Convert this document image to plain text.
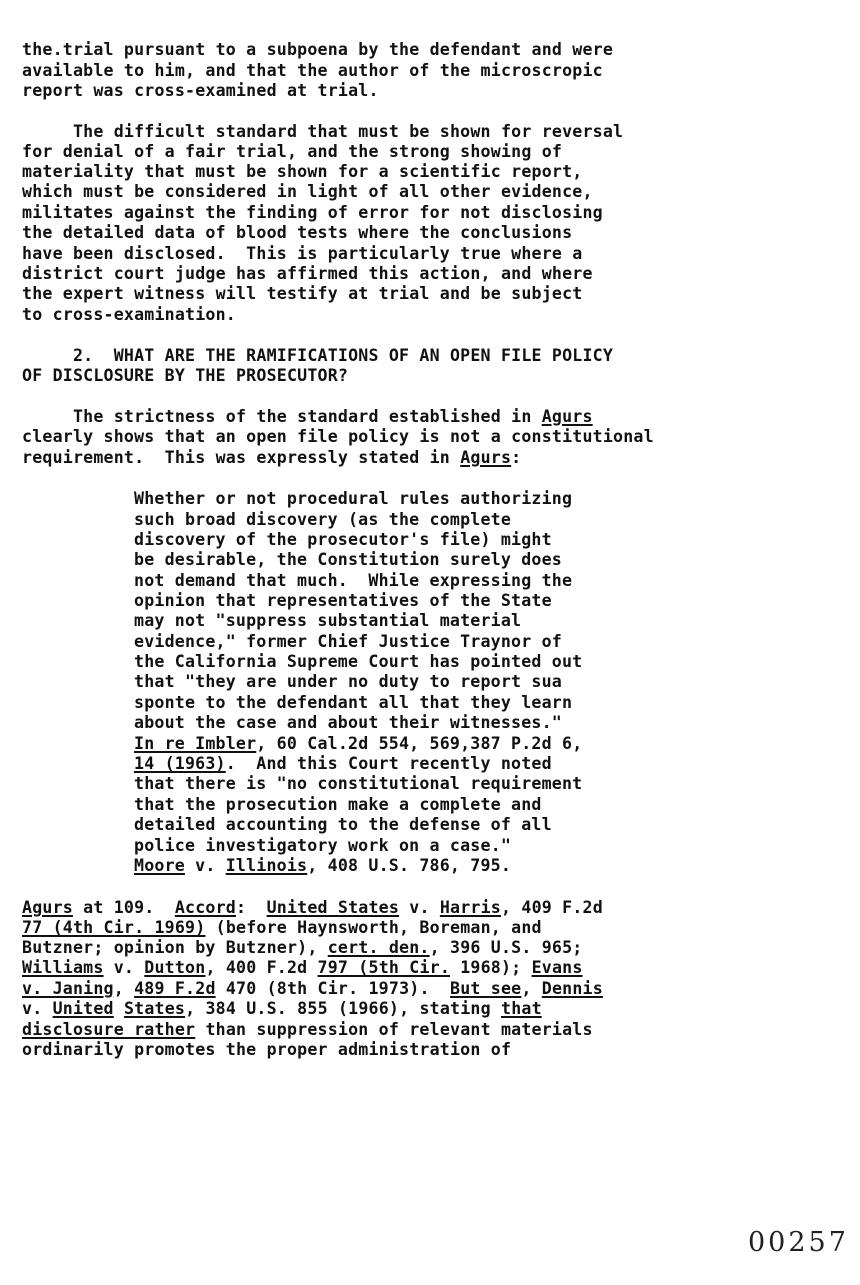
the.trial pursuant to a subpoena by the defendant and were
available to him, and that the author of the microscropic
report was cross-examined at trial.
The difficult standard that must be shown for reversal
for denial of a fair trial, and the strong showing of
materiality that must be shown for a scientific report,
which must be considered in light of all other evidence,
militates against the finding of error for not disclosing
the detailed data of blood tests where the conclusions
have been disclosed.  This is particularly true where a
district court judge has affirmed this action, and where
the expert witness will testify at trial and be subject
to cross-examination.
2.  WHAT ARE THE RAMIFICATIONS OF AN OPEN FILE POLICY
OF DISCLOSURE BY THE PROSECUTOR?
The strictness of the standard established in Agurs
clearly shows that an open file policy is not a constitutional
requirement.  This was expressly stated in Agurs:
Whether or not procedural rules authorizing
such broad discovery (as the complete
discovery of the prosecutor's file) might
be desirable, the Constitution surely does
not demand that much.  While expressing the
opinion that representatives of the State
may not "suppress substantial material
evidence," former Chief Justice Traynor of
the California Supreme Court has pointed out
that "they are under no duty to report sua
sponte to the defendant all that they learn
about the case and about their witnesses."
In re Imbler, 60 Cal.2d 554, 569,387 P.2d 6,
14 (1963).  And this Court recently noted
that there is "no constitutional requirement
that the prosecution make a complete and
detailed accounting to the defense of all
police investigatory work on a case."
Moore v. Illinois, 408 U.S. 786, 795.
Agurs at 109.  Accord:  United States v. Harris, 409 F.2d
77 (4th Cir. 1969) (before Haynsworth, Boreman, and
Butzner; opinion by Butzner), cert. den., 396 U.S. 965;
Williams v. Dutton, 400 F.2d 797 (5th Cir. 1968); Evans
v. Janing, 489 F.2d 470 (8th Cir. 1973).  But see, Dennis
v. United States, 384 U.S. 855 (1966), stating that
disclosure rather than suppression of relevant materials
ordinarily promotes the proper administration of
00257
